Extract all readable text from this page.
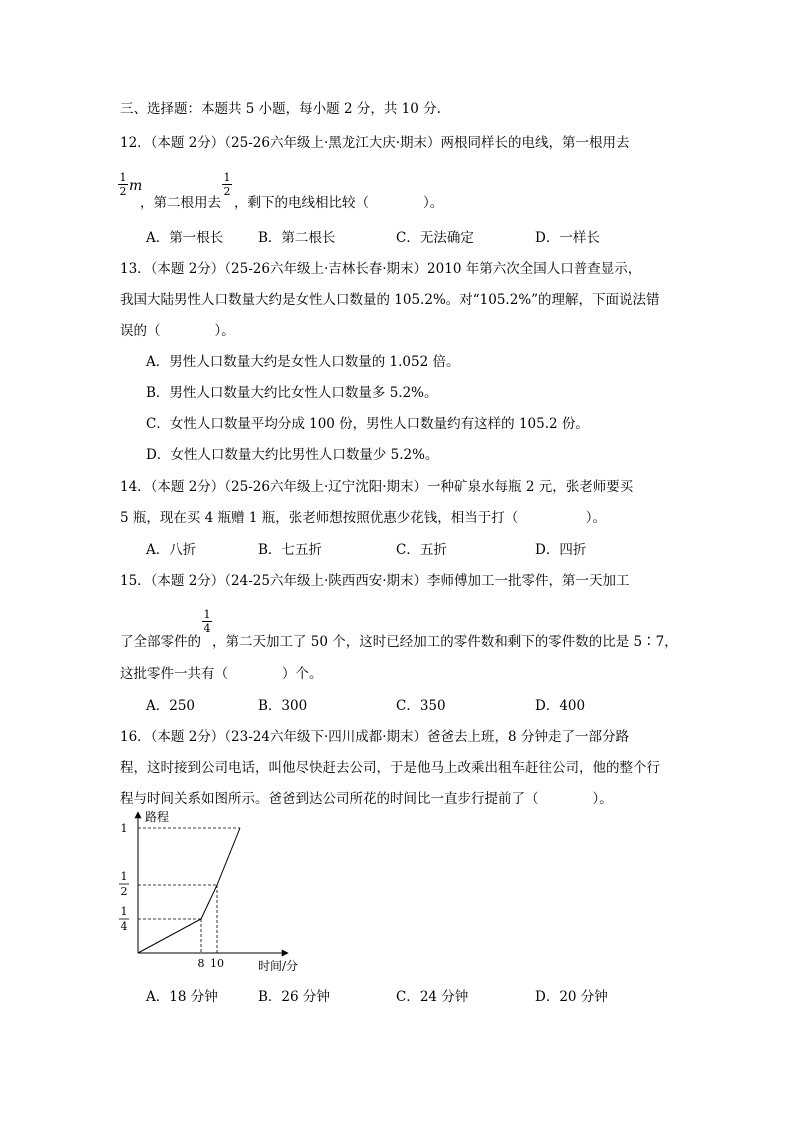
三、选择题：本题共 5 小题，每小题 2 分，共 10 分.
12．（本题 2分）（25-26六年级上·黑龙江大庆·期末）两根同样长的电线，第一根用去
1
2 m
，第二根用去
1
2
，剩下的电线相比较（　　　　）。
A．第一根长	B．第二根长	C．无法确定	D．一样长
13．（本题 2分）（25-26六年级上·吉林长春·期末）2010 年第六次全国人口普查显示，
我国大陆男性人口数量大约是女性人口数量的 105.2%。对“105.2%”的理解，下面说法错
误的（　　　　）。
A．男性人口数量大约是女性人口数量的 1.052 倍。
B．男性人口数量大约比女性人口数量多 5.2%。
C．女性人口数量平均分成 100 份，男性人口数量约有这样的 105.2 份。
D．女性人口数量大约比男性人口数量少 5.2%。
14．（本题 2分）（25-26六年级上·辽宁沈阳·期末）一种矿泉水每瓶 2 元，张老师要买
5 瓶，现在买 4 瓶赠 1 瓶，张老师想按照优惠少花钱，相当于打（　　　　　）。
A．八折	B．七五折	C．五折	D．四折
15．（本题 2分）（24-25六年级上·陕西西安·期末）李师傅加工一批零件，第一天加工
了全部零件的
1
4
，第二天加工了 50 个，这时已经加工的零件数和剩下的零件数的比是 5∶7，
这批零件一共有（　　　　）个。
A．250	B．300	C．350	D．400
16．（本题 2分）（23-24六年级下·四川成都·期末）爸爸去上班，8 分钟走了一部分路
程，这时接到公司电话，叫他尽快赶去公司，于是他马上改乘出租车赶往公司，他的整个行
程与时间关系如图所示。爸爸到达公司所花的时间比一直步行提前了（　　　　）。
路程
时间/分
1
1
2
1
4
8 10
A．18 分钟	B．26 分钟	C．24 分钟	D．20 分钟
